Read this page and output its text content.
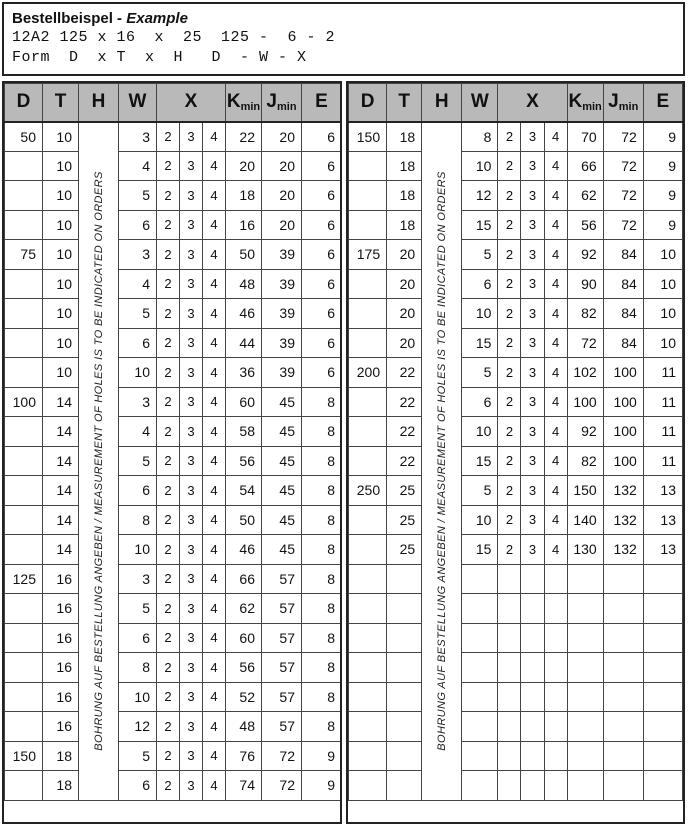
Bestellbeispel - Example
12A2 125 x 16  x  25  125 -  6 - 2
Form  D  x T  x  H   D  - W - X
D	T	H	W	X			$K_{min}$	$J_{min}$	E
50	10	BOHRUNG AUF BESTELLUNG ANGEBEN / MEASUREMENT OF HOLES IS TO BE INDICATED ON ORDERS	3	2	3	4	22	20	6
	10		4	2	3	4	20	20	6
	10		5	2	3	4	18	20	6
	10		6	2	3	4	16	20	6
75	10		3	2	3	4	50	39	6
	10		4	2	3	4	48	39	6
	10		5	2	3	4	46	39	6
	10		6	2	3	4	44	39	6
	10		10	2	3	4	36	39	6
100	14		3	2	3	4	60	45	8
	14		4	2	3	4	58	45	8
	14		5	2	3	4	56	45	8
	14		6	2	3	4	54	45	8
	14		8	2	3	4	50	45	8
	14		10	2	3	4	46	45	8
125	16		3	2	3	4	66	57	8
	16		5	2	3	4	62	57	8
	16		6	2	3	4	60	57	8
	16		8	2	3	4	56	57	8
	16		10	2	3	4	52	57	8
	16		12	2	3	4	48	57	8
150	18		5	2	3	4	76	72	9
	18		6	2	3	4	74	72	9
D	T	H	W	X			$K_{min}$	$J_{min}$	E
150	18	BOHRUNG AUF BESTELLUNG ANGEBEN / MEASUREMENT OF HOLES IS TO BE INDICATED ON ORDERS	8	2	3	4	70	72	9
	18		10	2	3	4	66	72	9
	18		12	2	3	4	62	72	9
	18		15	2	3	4	56	72	9
175	20		5	2	3	4	92	84	10
	20		6	2	3	4	90	84	10
	20		10	2	3	4	82	84	10
	20		15	2	3	4	72	84	10
200	22		5	2	3	4	102	100	11
	22		6	2	3	4	100	100	11
	22		10	2	3	4	92	100	11
	22		15	2	3	4	82	100	11
250	25		5	2	3	4	150	132	13
	25		10	2	3	4	140	132	13
	25		15	2	3	4	130	132	13
